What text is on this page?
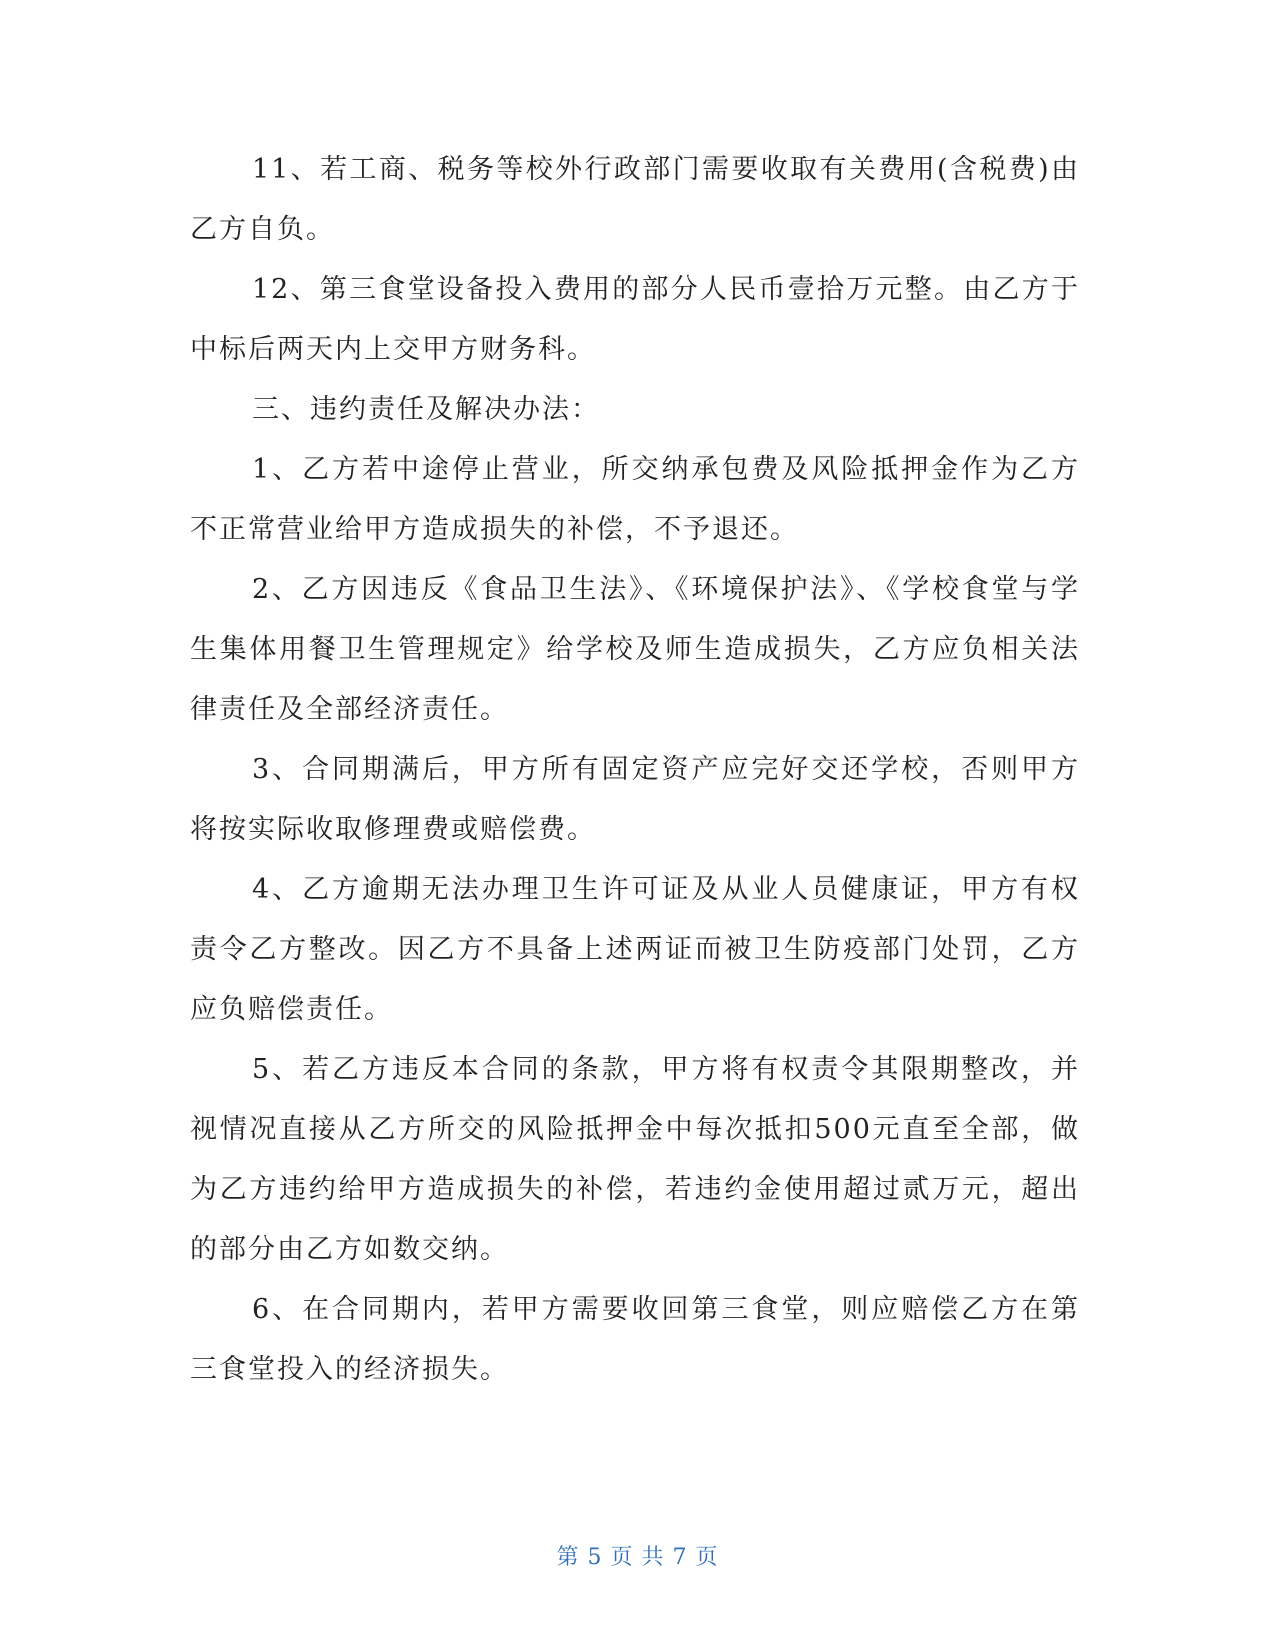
11、若工商、税务等校外行政部门需要收取有关费用(含税费)由乙方自负。

12、第三食堂设备投入费用的部分人民币壹拾万元整。由乙方于中标后两天内上交甲方财务科。

三、违约责任及解决办法：

1、乙方若中途停止营业，所交纳承包费及风险抵押金作为乙方不正常营业给甲方造成损失的补偿，不予退还。

2、乙方因违反《食品卫生法》、《环境保护法》、《学校食堂与学生集体用餐卫生管理规定》给学校及师生造成损失，乙方应负相关法律责任及全部经济责任。

3、合同期满后，甲方所有固定资产应完好交还学校，否则甲方将按实际收取修理费或赔偿费。

4、乙方逾期无法办理卫生许可证及从业人员健康证，甲方有权责令乙方整改。因乙方不具备上述两证而被卫生防疫部门处罚，乙方应负赔偿责任。

5、若乙方违反本合同的条款，甲方将有权责令其限期整改，并视情况直接从乙方所交的风险抵押金中每次抵扣500元直至全部，做为乙方违约给甲方造成损失的补偿，若违约金使用超过贰万元，超出的部分由乙方如数交纳。

6、在合同期内，若甲方需要收回第三食堂，则应赔偿乙方在第三食堂投入的经济损失。

第 5 页 共 7 页
